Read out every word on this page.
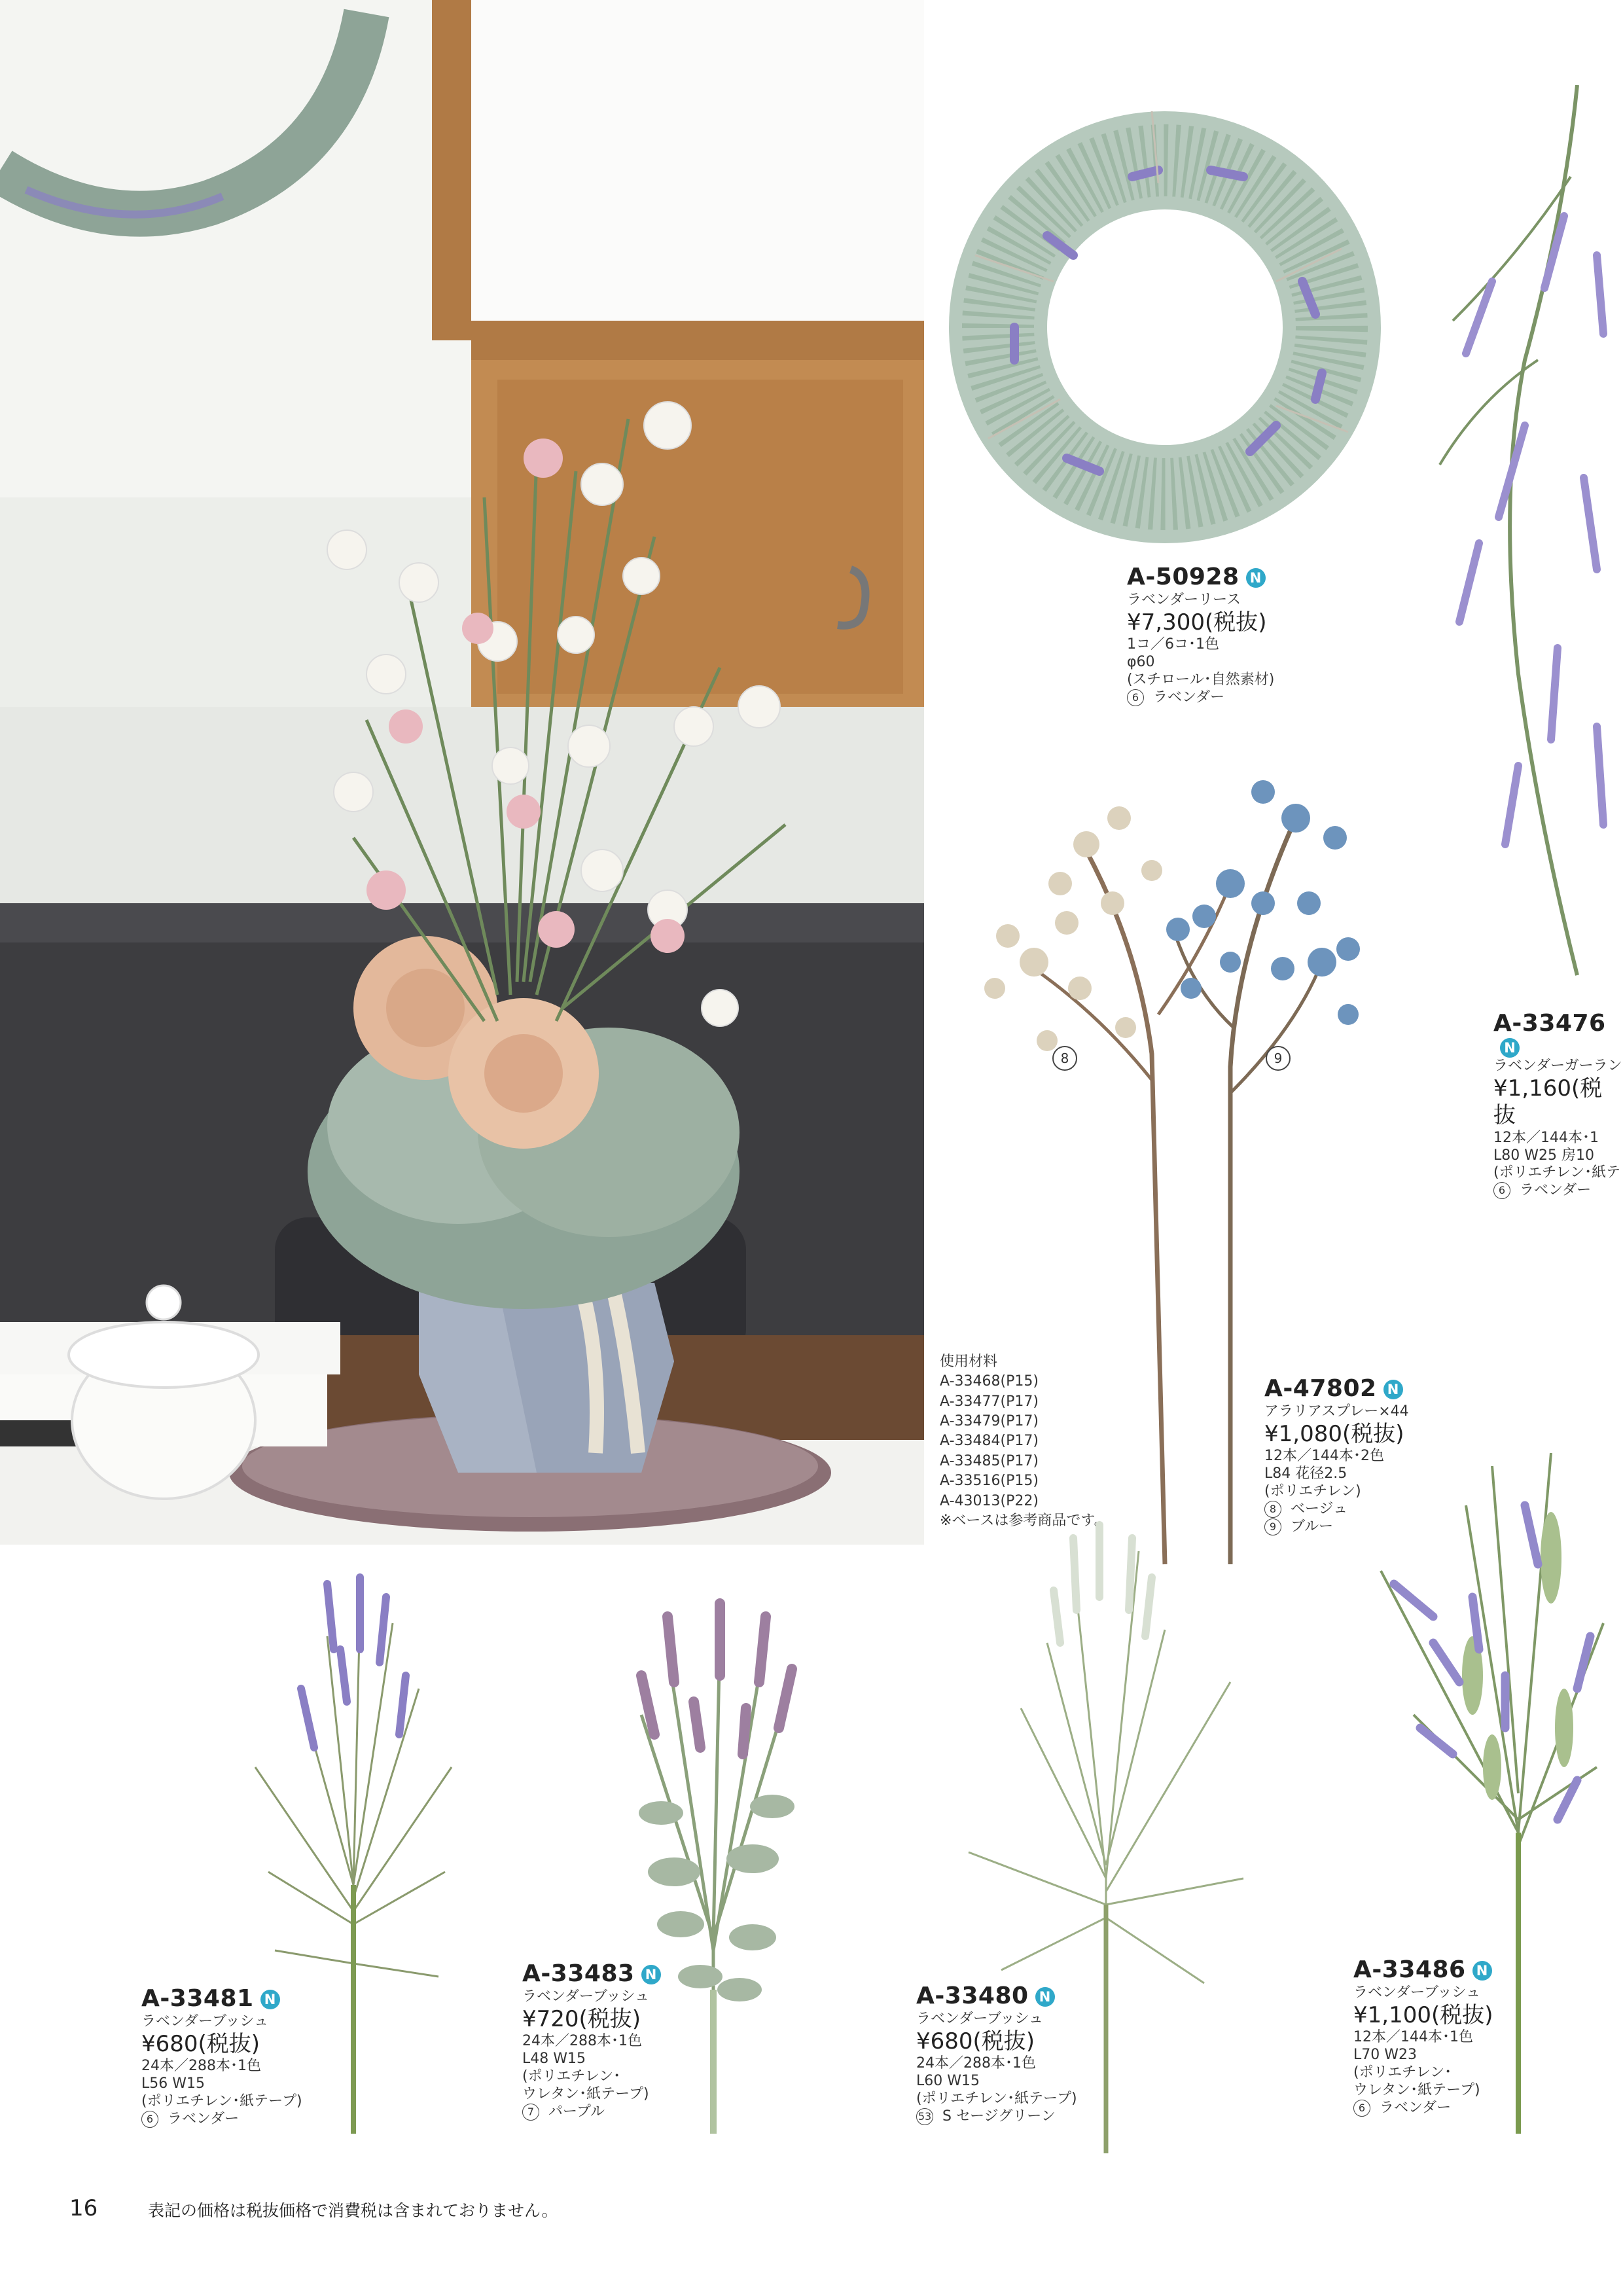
A-50928 N
ラベンダーリース
¥7,300(税抜)
1コ／6コ･1色
φ60
(スチロール･自然素材)
6 ラベンダー
A-33476N
ラベンダーガーラン
¥1,160(税抜
12本／144本･1
L80 W25 房10
(ポリエチレン･紙テ
6 ラベンダー
8	9
使用材料
A-33468(P15)
A-33477(P17)
A-33479(P17)
A-33484(P17)
A-33485(P17)
A-33516(P15)
A-43013(P22)
※ベースは参考商品です。
A-47802 N
アラリアスプレー×44
¥1,080(税抜)
12本／144本･2色
L84 花径2.5
(ポリエチレン)
8 ベージュ
9 ブルー
A-33481 N
ラベンダーブッシュ
¥680(税抜)
24本／288本･1色
L56 W15
(ポリエチレン･紙テープ)
6 ラベンダー
A-33483 N
ラベンダーブッシュ
¥720(税抜)
24本／288本･1色
L48 W15
(ポリエチレン･
ウレタン･紙テープ)
7 パープル
A-33480 N
ラベンダーブッシュ
¥680(税抜)
24本／288本･1色
L60 W15
(ポリエチレン･紙テープ)
53 S セージグリーン
A-33486 N
ラベンダーブッシュ
¥1,100(税抜)
12本／144本･1色
L70 W23
(ポリエチレン･
ウレタン･紙テープ)
6 ラベンダー
16	表記の価格は税抜価格で消費税は含まれておりません。
